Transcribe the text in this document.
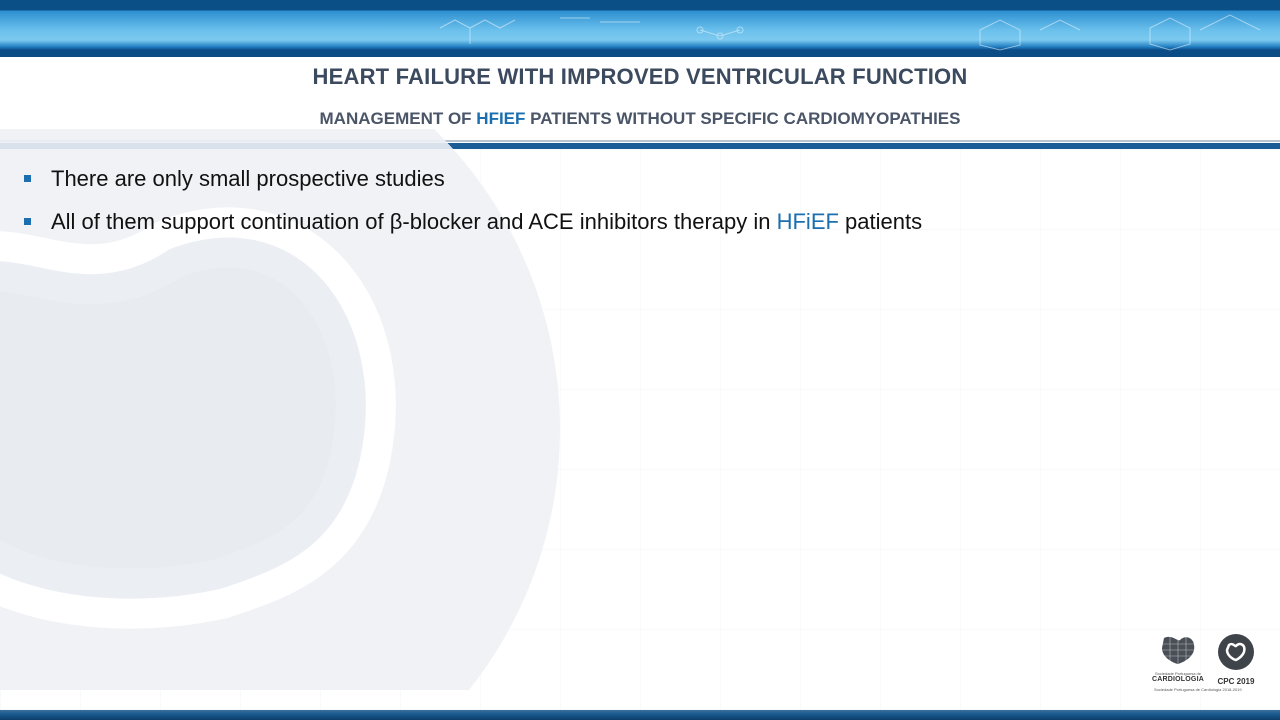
HEART FAILURE WITH IMPROVED VENTRICULAR FUNCTION
MANAGEMENT OF HFIEF PATIENTS WITHOUT SPECIFIC CARDIOMYOPATHIES
There are only small prospective studies
All of them support continuation of β-blocker and ACE inhibitors therapy in HFiEF patients
Sociedade Portuguesa de
CARDIOLOGIA	CPC 2019
Sociedade Portuguesa de Cardiologia 2018-2019
